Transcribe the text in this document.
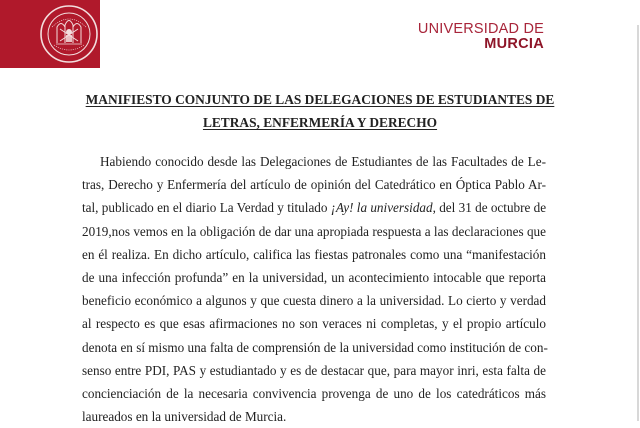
UNIVERSIDAD DE
MURCIA
MANIFIESTO CONJUNTO DE LAS DELEGACIONES DE ESTUDIANTES DE
LETRAS, ENFERMERÍA Y DERECHO
Habiendo conocido desde las Delegaciones de Estudiantes de las Facultades de Le-
tras, Derecho y Enfermería del artículo de opinión del Catedrático en Óptica Pablo Ar-
tal, publicado en el diario La Verdad y titulado ¡Ay! la universidad, del 31 de octubre de
2019,nos vemos en la obligación de dar una apropiada respuesta a las declaraciones que
en él realiza. En dicho artículo, califica las fiestas patronales como una “manifestación
de una infección profunda” en la universidad, un acontecimiento intocable que reporta
beneficio económico a algunos y que cuesta dinero a la universidad. Lo cierto y verdad
al respecto es que esas afirmaciones no son veraces ni completas, y el propio artículo
denota en sí mismo una falta de comprensión de la universidad como institución de con-
senso entre PDI, PAS y estudiantado y es de destacar que, para mayor inri, esta falta de
concienciación de la necesaria convivencia provenga de uno de los catedráticos más
laureados en la universidad de Murcia.
